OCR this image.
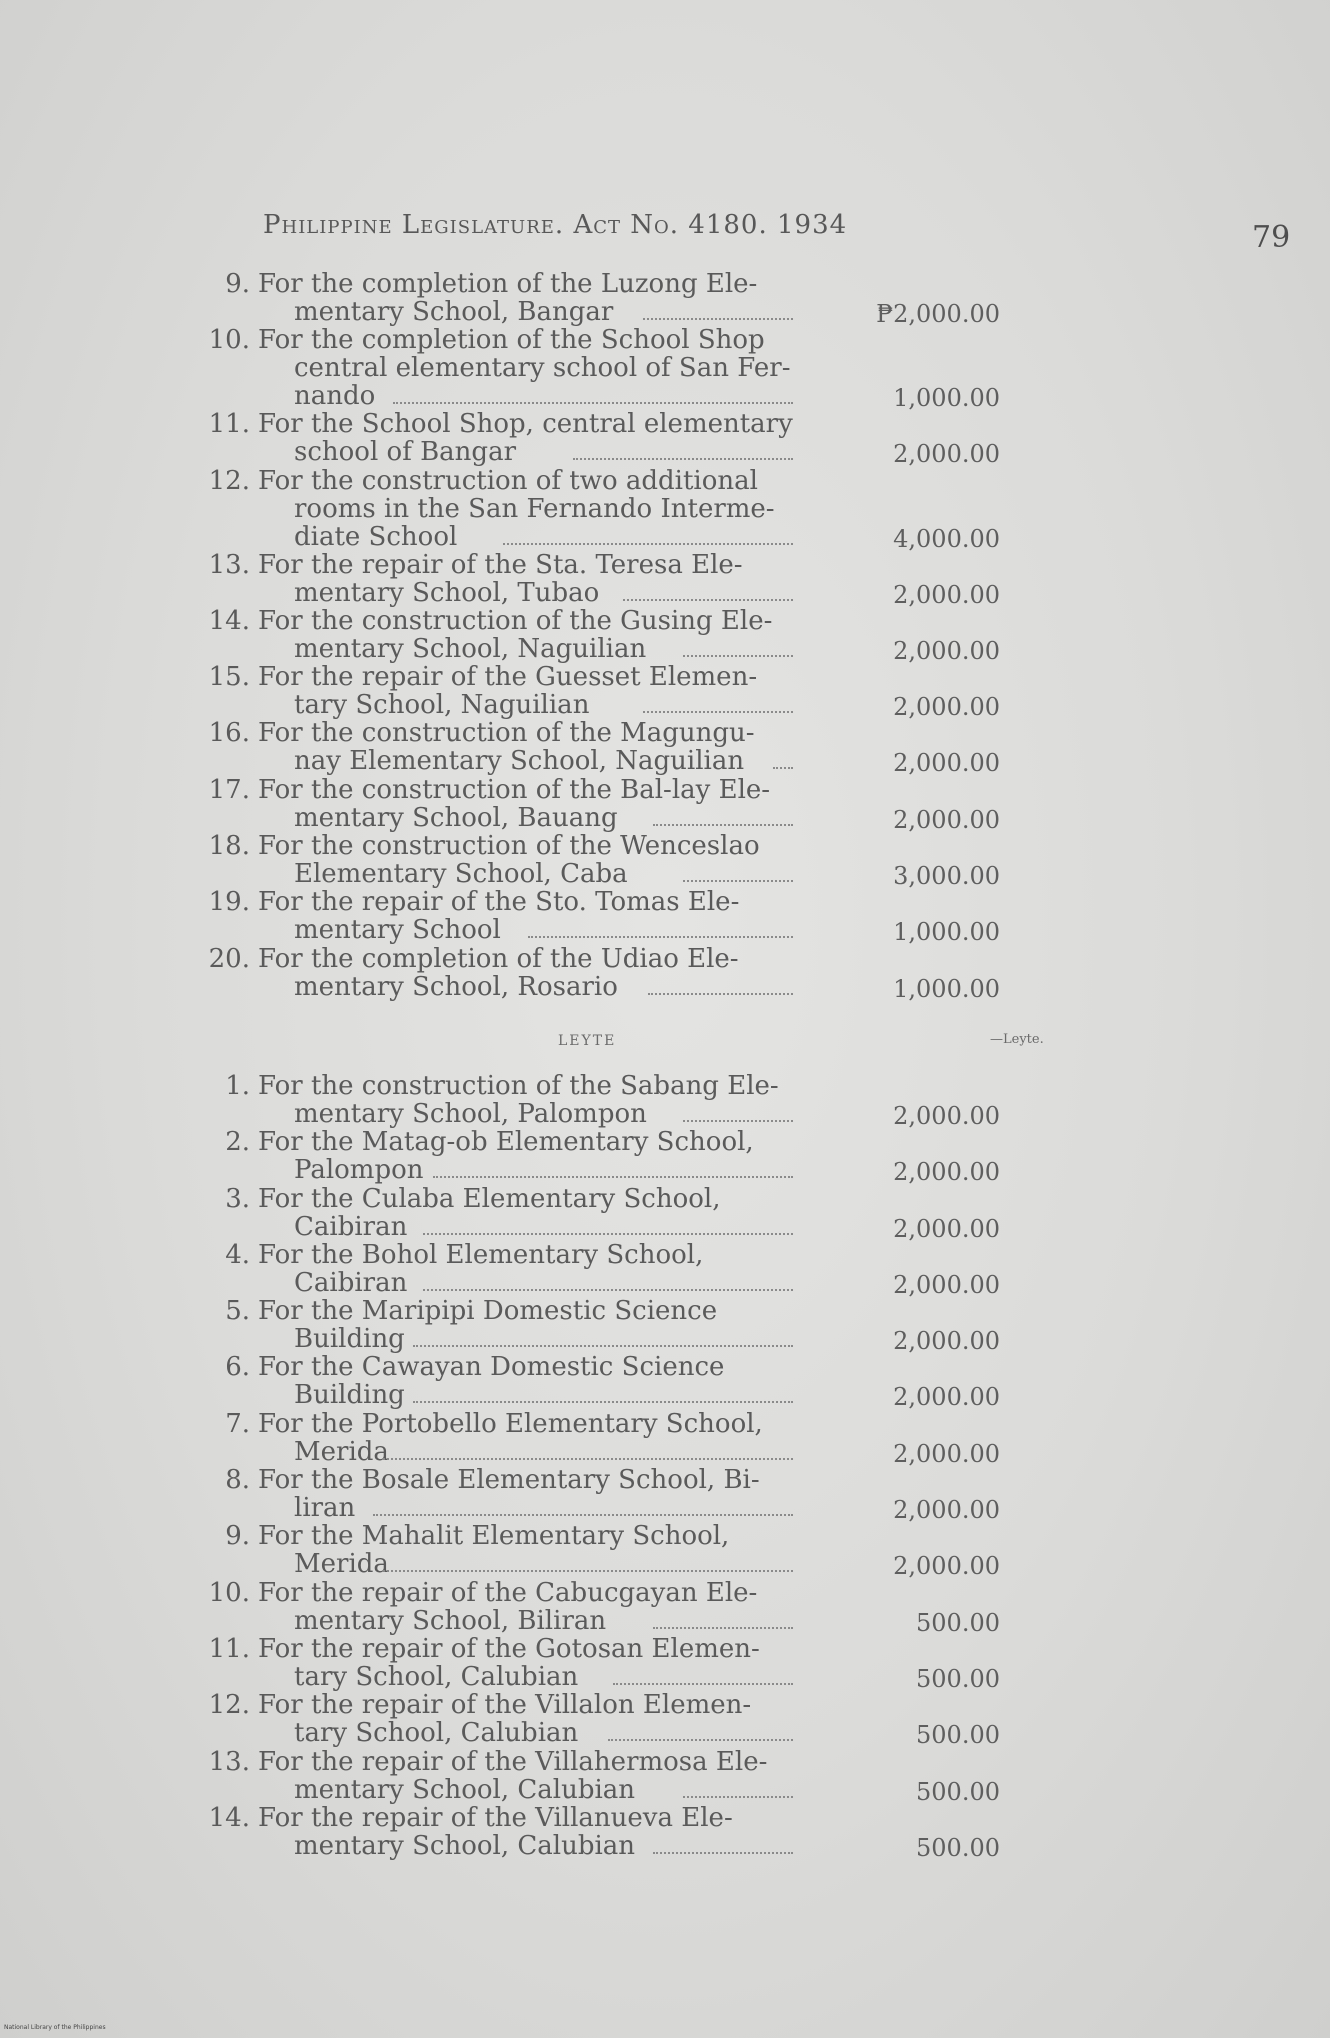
Philippine Legislature. Act No. 4180. 1934	79
9. For the completion of the Luzong Ele-
mentary School, Bangar	₱2,000.00
10. For the completion of the School Shop
central elementary school of San Fer-
nando	1,000.00
11. For the School Shop, central elementary
school of Bangar	2,000.00
12. For the construction of two additional
rooms in the San Fernando Interme-
diate School	4,000.00
13. For the repair of the Sta. Teresa Ele-
mentary School, Tubao	2,000.00
14. For the construction of the Gusing Ele-
mentary School, Naguilian	2,000.00
15. For the repair of the Guesset Elemen-
tary School, Naguilian	2,000.00
16. For the construction of the Magungu-
nay Elementary School, Naguilian	2,000.00
17. For the construction of the Bal-lay Ele-
mentary School, Bauang	2,000.00
18. For the construction of the Wenceslao
Elementary School, Caba	3,000.00
19. For the repair of the Sto. Tomas Ele-
mentary School	1,000.00
20. For the completion of the Udiao Ele-
mentary School, Rosario	1,000.00
LEYTE	—Leyte.
1. For the construction of the Sabang Ele-
mentary School, Palompon	2,000.00
2. For the Matag-ob Elementary School,
Palompon	2,000.00
3. For the Culaba Elementary School,
Caibiran	2,000.00
4. For the Bohol Elementary School,
Caibiran	2,000.00
5. For the Maripipi Domestic Science
Building	2,000.00
6. For the Cawayan Domestic Science
Building	2,000.00
7. For the Portobello Elementary School,
Merida	2,000.00
8. For the Bosale Elementary School, Bi-
liran	2,000.00
9. For the Mahalit Elementary School,
Merida	2,000.00
10. For the repair of the Cabucgayan Ele-
mentary School, Biliran	500.00
11. For the repair of the Gotosan Elemen-
tary School, Calubian	500.00
12. For the repair of the Villalon Elemen-
tary School, Calubian	500.00
13. For the repair of the Villahermosa Ele-
mentary School, Calubian	500.00
14. For the repair of the Villanueva Ele-
mentary School, Calubian	500.00
National Library of the Philippines
